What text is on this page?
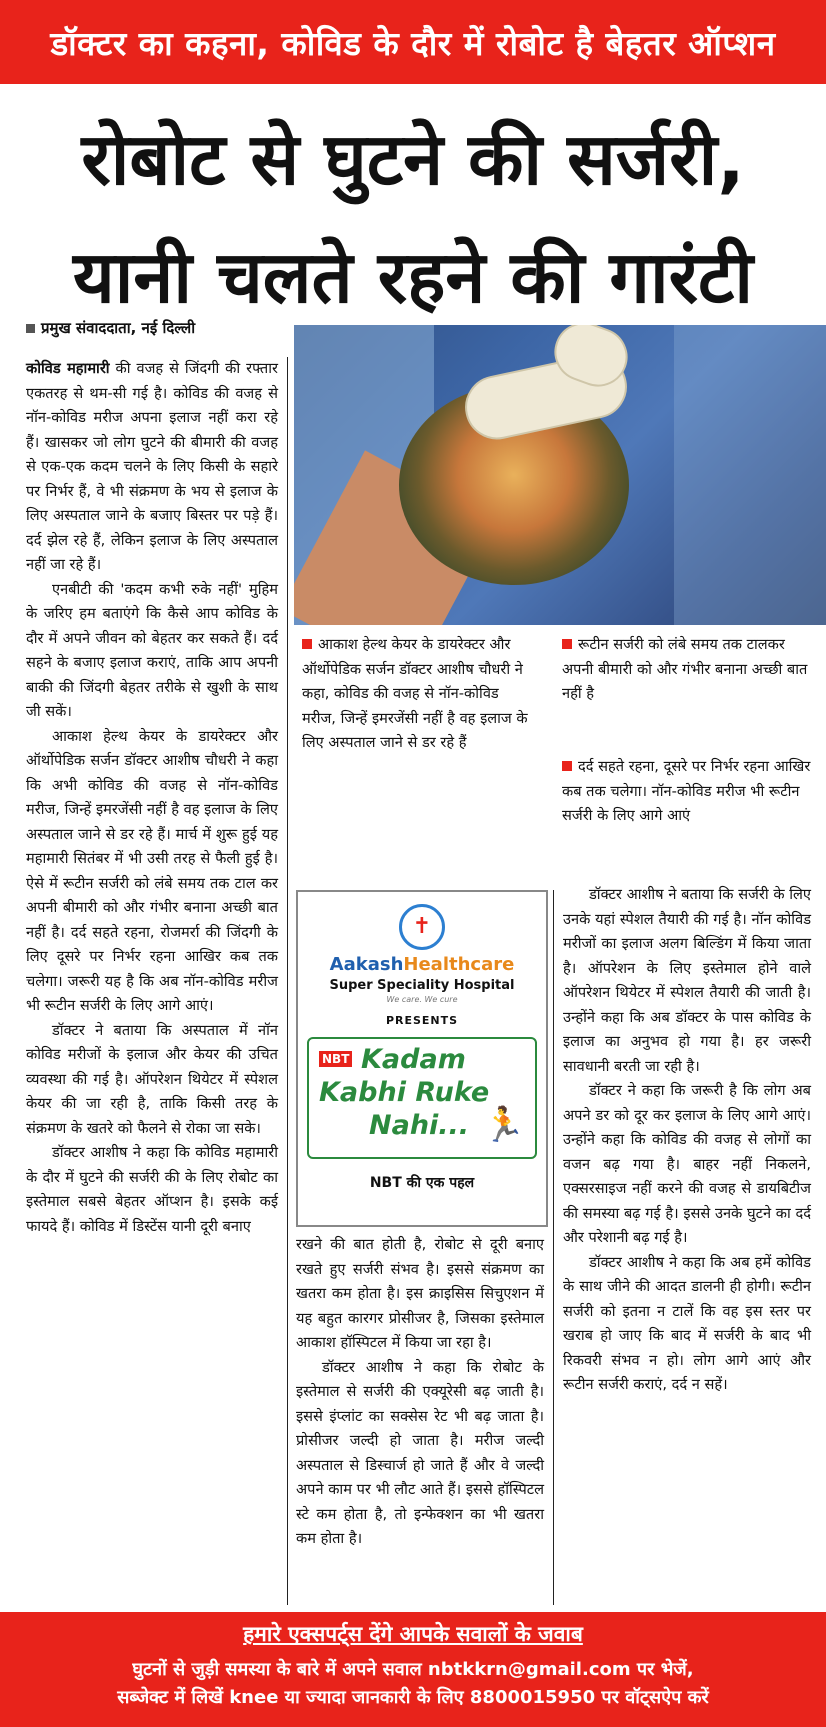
डॉक्टर का कहना, कोविड के दौर में रोबोट है बेहतर ऑप्शन
रोबोट से घुटने की सर्जरी,
यानी चलते रहने की गारंटी
प्रमुख संवाददाता, नई दिल्ली

कोविड महामारी की वजह से जिंदगी की रफ्तार एकतरह से थम-सी गई है। कोविड की वजह से नॉन-कोविड मरीज अपना इलाज नहीं करा रहे हैं। खासकर जो लोग घुटने की बीमारी की वजह से एक-एक कदम चलने के लिए किसी के सहारे पर निर्भर हैं, वे भी संक्रमण के भय से इलाज के लिए अस्पताल जाने के बजाए बिस्तर पर पड़े हैं। दर्द झेल रहे हैं, लेकिन इलाज के लिए अस्पताल नहीं जा रहे हैं।

एनबीटी की 'कदम कभी रुके नहीं' मुहिम के जरिए हम बताएंगे कि कैसे आप कोविड के दौर में अपने जीवन को बेहतर कर सकते हैं। दर्द सहने के बजाए इलाज कराएं, ताकि आप अपनी बाकी की जिंदगी बेहतर तरीके से खुशी के साथ जी सकें।

आकाश हेल्थ केयर के डायरेक्टर और ऑर्थोपेडिक सर्जन डॉक्टर आशीष चौधरी ने कहा कि अभी कोविड की वजह से नॉन-कोविड मरीज, जिन्हें इमरजेंसी नहीं है वह इलाज के लिए अस्पताल जाने से डर रहे हैं। मार्च में शुरू हुई यह महामारी सितंबर में भी उसी तरह से फैली हुई है। ऐसे में रूटीन सर्जरी को लंबे समय तक टाल कर अपनी बीमारी को और गंभीर बनाना अच्छी बात नहीं है। दर्द सहते रहना, रोजमर्रा की जिंदगी के लिए दूसरे पर निर्भर रहना आखिर कब तक चलेगा। जरूरी यह है कि अब नॉन-कोविड मरीज भी रूटीन सर्जरी के लिए आगे आएं।

डॉक्टर ने बताया कि अस्पताल में नॉन कोविड मरीजों के इलाज और केयर की उचित व्यवस्था की गई है। ऑपरेशन थियेटर में स्पेशल केयर की जा रही है, ताकि किसी तरह के संक्रमण के खतरे को फैलने से रोका जा सके।

डॉक्टर आशीष ने कहा कि कोविड महामारी के दौर में घुटने की सर्जरी की के लिए रोबोट का इस्तेमाल सबसे बेहतर ऑप्शन है। इसके कई फायदे हैं। कोविड में डिस्टेंस यानी दूरी बनाए

आकाश हेल्थ केयर के डायरेक्टर और ऑर्थोपेडिक सर्जन डॉक्टर आशीष चौधरी ने कहा, कोविड की वजह से नॉन-कोविड मरीज, जिन्हें इमरजेंसी नहीं है वह इलाज के लिए अस्पताल जाने से डर रहे हैं
रूटीन सर्जरी को लंबे समय तक टालकर अपनी बीमारी को और गंभीर बनाना अच्छी बात नहीं है
दर्द सहते रहना, दूसरे पर निर्भर रहना आखिर कब तक चलेगा। नॉन-कोविड मरीज भी रूटीन सर्जरी के लिए आगे आएं
✝
AakashHealthcare
Super Speciality Hospital
We care. We cure
PRESENTS
NBT Kadam
Kabhi Ruke
Nahi... 🏃
NBT की एक पहल

रखने की बात होती है, रोबोट से दूरी बनाए रखते हुए सर्जरी संभव है। इससे संक्रमण का खतरा कम होता है। इस क्राइसिस सिचुएशन में यह बहुत कारगर प्रोसीजर है, जिसका इस्तेमाल आकाश हॉस्पिटल में किया जा रहा है।

डॉक्टर आशीष ने कहा कि रोबोट के इस्तेमाल से सर्जरी की एक्यूरेसी बढ़ जाती है। इससे इंप्लांट का सक्सेस रेट भी बढ़ जाता है। प्रोसीजर जल्दी हो जाता है। मरीज जल्दी अस्पताल से डिस्चार्ज हो जाते हैं और वे जल्दी अपने काम पर भी लौट आते हैं। इससे हॉस्पिटल स्टे कम होता है, तो इन्फेक्शन का भी खतरा कम होता है।

डॉक्टर आशीष ने बताया कि सर्जरी के लिए उनके यहां स्पेशल तैयारी की गई है। नॉन कोविड मरीजों का इलाज अलग बिल्डिंग में किया जाता है। ऑपरेशन के लिए इस्तेमाल होने वाले ऑपरेशन थियेटर में स्पेशल तैयारी की जाती है। उन्होंने कहा कि अब डॉक्टर के पास कोविड के इलाज का अनुभव हो गया है। हर जरूरी सावधानी बरती जा रही है।

डॉक्टर ने कहा कि जरूरी है कि लोग अब अपने डर को दूर कर इलाज के लिए आगे आएं। उन्होंने कहा कि कोविड की वजह से लोगों का वजन बढ़ गया है। बाहर नहीं निकलने, एक्सरसाइज नहीं करने की वजह से डायबिटीज की समस्या बढ़ गई है। इससे उनके घुटने का दर्द और परेशानी बढ़ गई है।

डॉक्टर आशीष ने कहा कि अब हमें कोविड के साथ जीने की आदत डालनी ही होगी। रूटीन सर्जरी को इतना न टालें कि वह इस स्तर पर खराब हो जाए कि बाद में सर्जरी के बाद भी रिकवरी संभव न हो। लोग आगे आएं और रूटीन सर्जरी कराएं, दर्द न सहें।

हमारे एक्सपर्ट्स देंगे आपके सवालों के जवाब
घुटनों से जुड़ी समस्या के बारे में अपने सवाल nbtkkrn@gmail.com पर भेजें,
सब्जेक्ट में लिखें knee या ज्यादा जानकारी के लिए 8800015950 पर वॉट्सऐप करें
